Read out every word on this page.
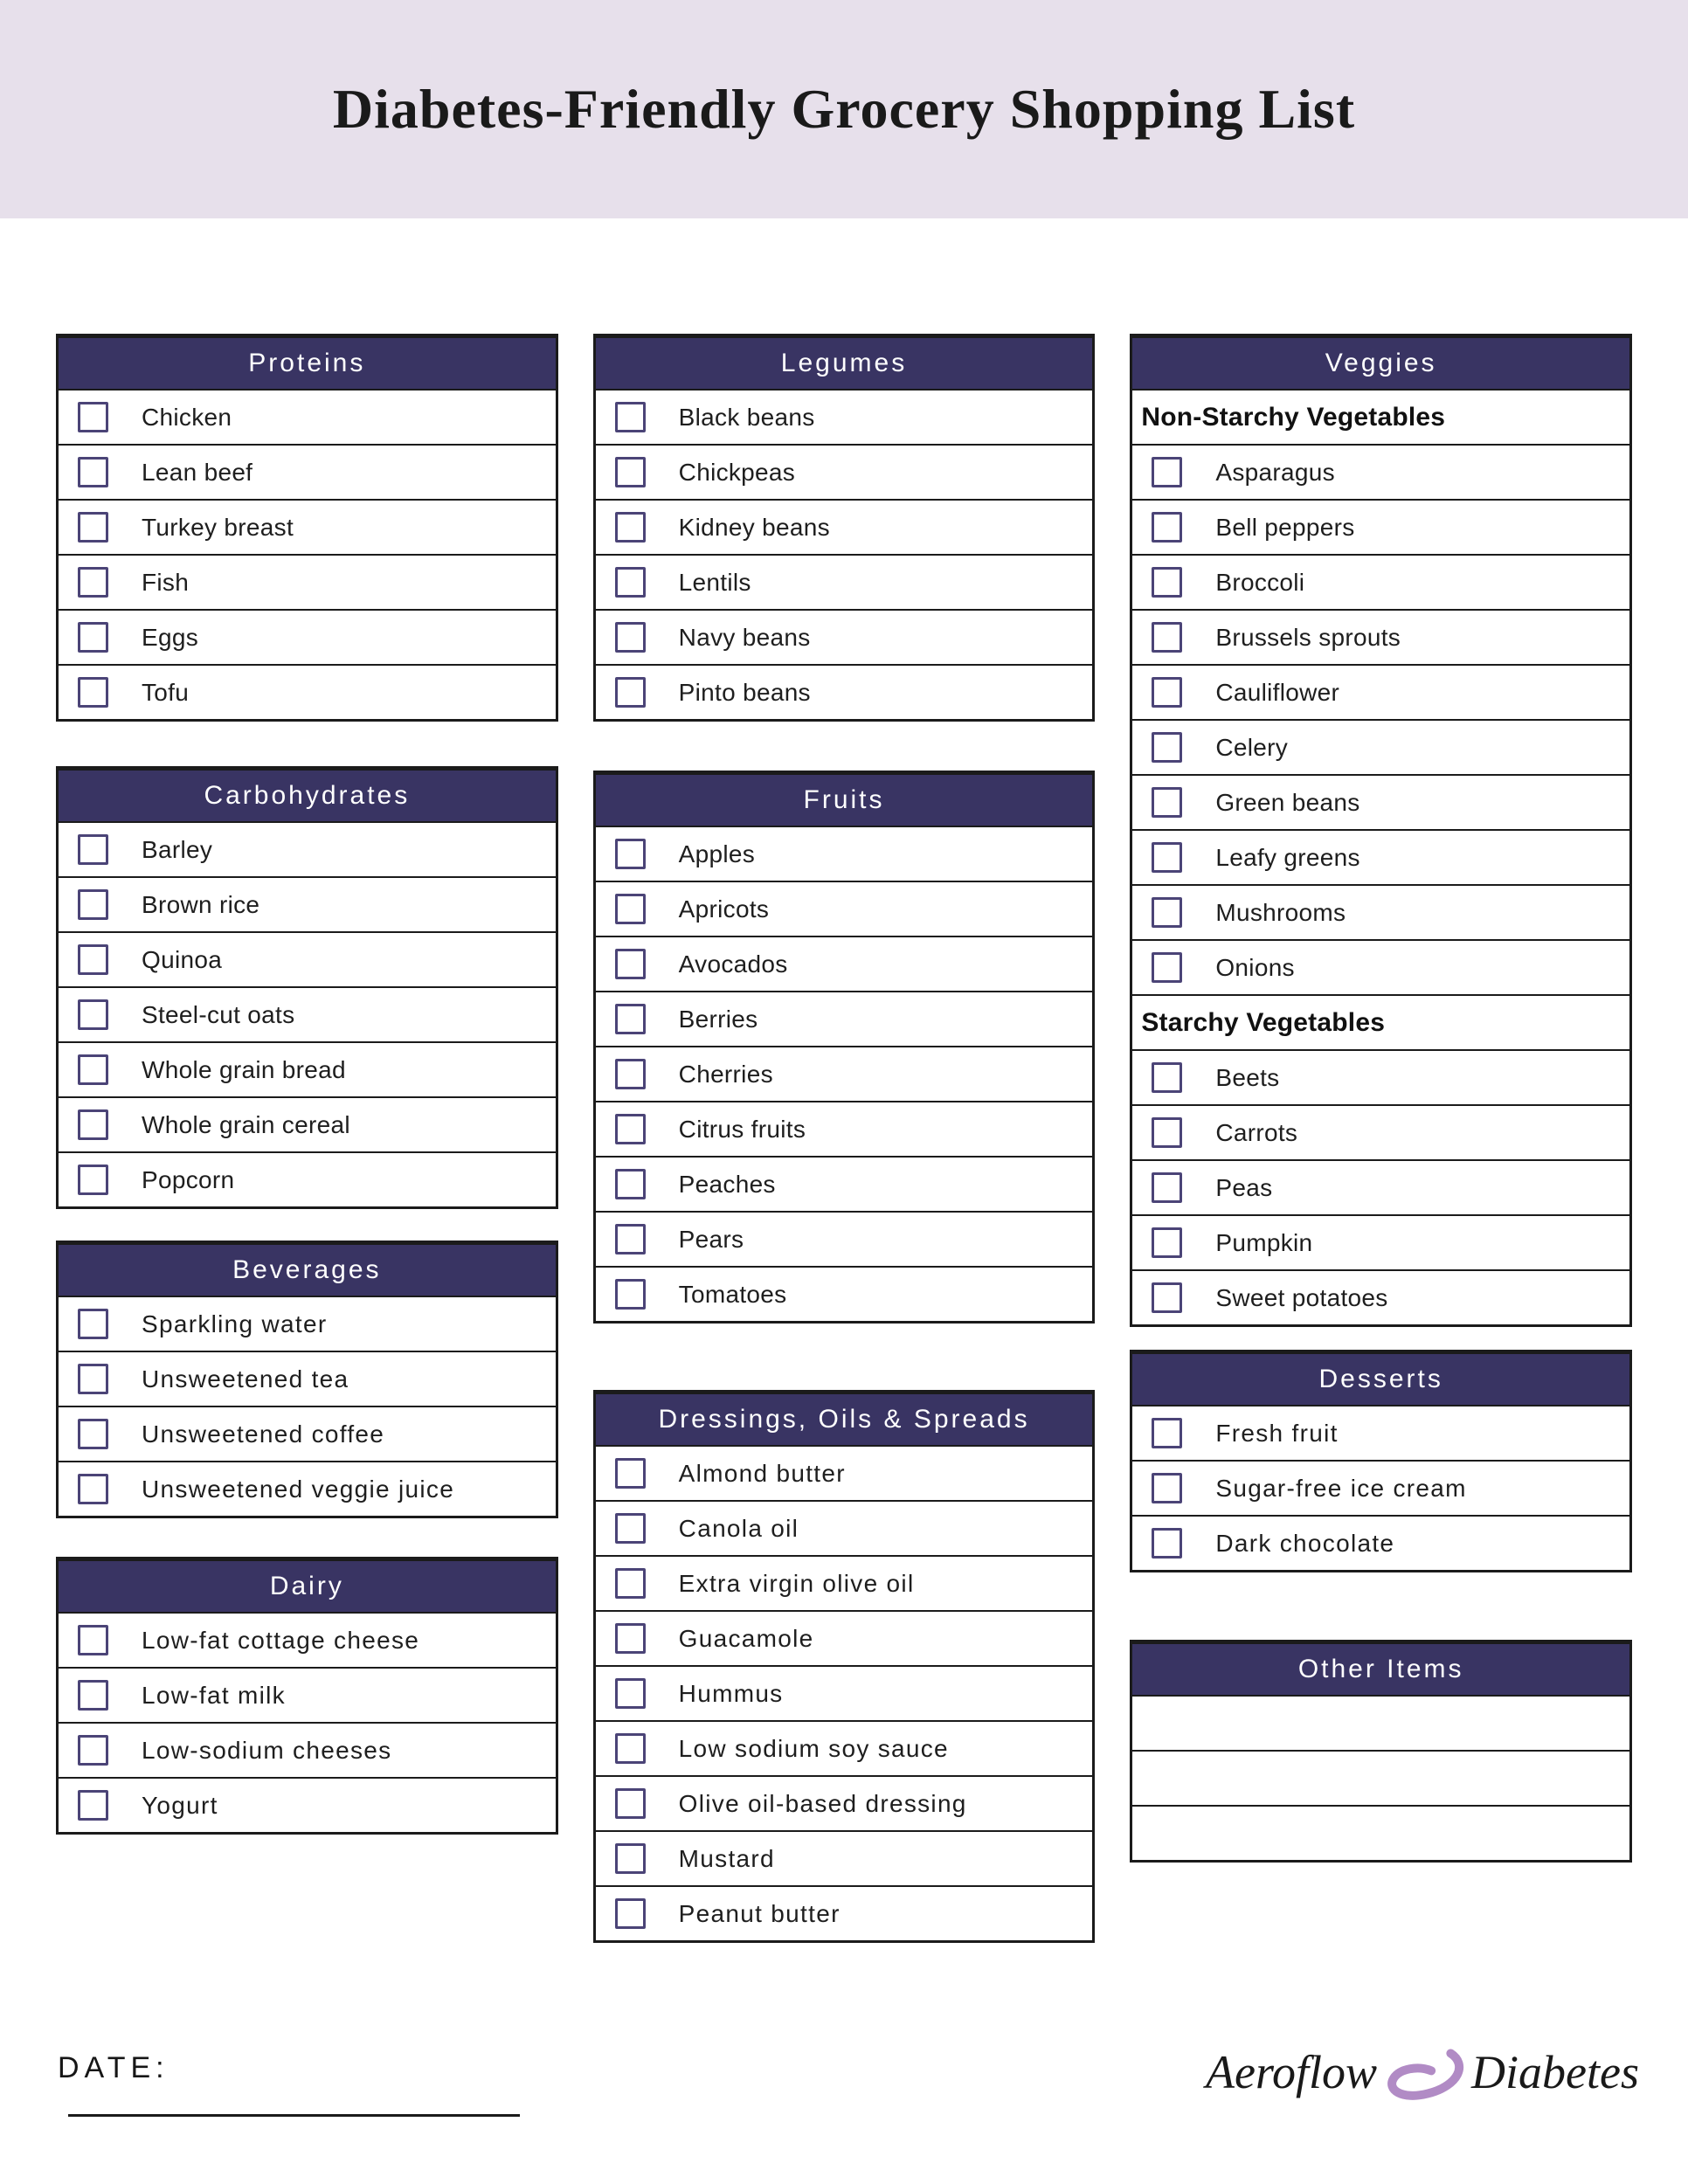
Diabetes-Friendly Grocery Shopping List
Proteins
Chicken
Lean beef
Turkey breast
Fish
Eggs
Tofu
Carbohydrates
Barley
Brown rice
Quinoa
Steel-cut oats
Whole grain bread
Whole grain cereal
Popcorn
Beverages
Sparkling water
Unsweetened tea
Unsweetened coffee
Unsweetened veggie juice
Dairy
Low-fat cottage cheese
Low-fat milk
Low-sodium cheeses
Yogurt
Legumes
Black beans
Chickpeas
Kidney beans
Lentils
Navy beans
Pinto beans
Fruits
Apples
Apricots
Avocados
Berries
Cherries
Citrus fruits
Peaches
Pears
Tomatoes
Dressings, Oils & Spreads
Almond butter
Canola oil
Extra virgin olive oil
Guacamole
Hummus
Low sodium soy sauce
Olive oil-based dressing
Mustard
Peanut butter
Veggies
Non-Starchy Vegetables
Asparagus
Bell peppers
Broccoli
Brussels sprouts
Cauliflower
Celery
Green beans
Leafy greens
Mushrooms
Onions
Starchy Vegetables
Beets
Carrots
Peas
Pumpkin
Sweet potatoes
Desserts
Fresh fruit
Sugar-free ice cream
Dark chocolate
Other Items
DATE:	Aeroflow Diabetes
